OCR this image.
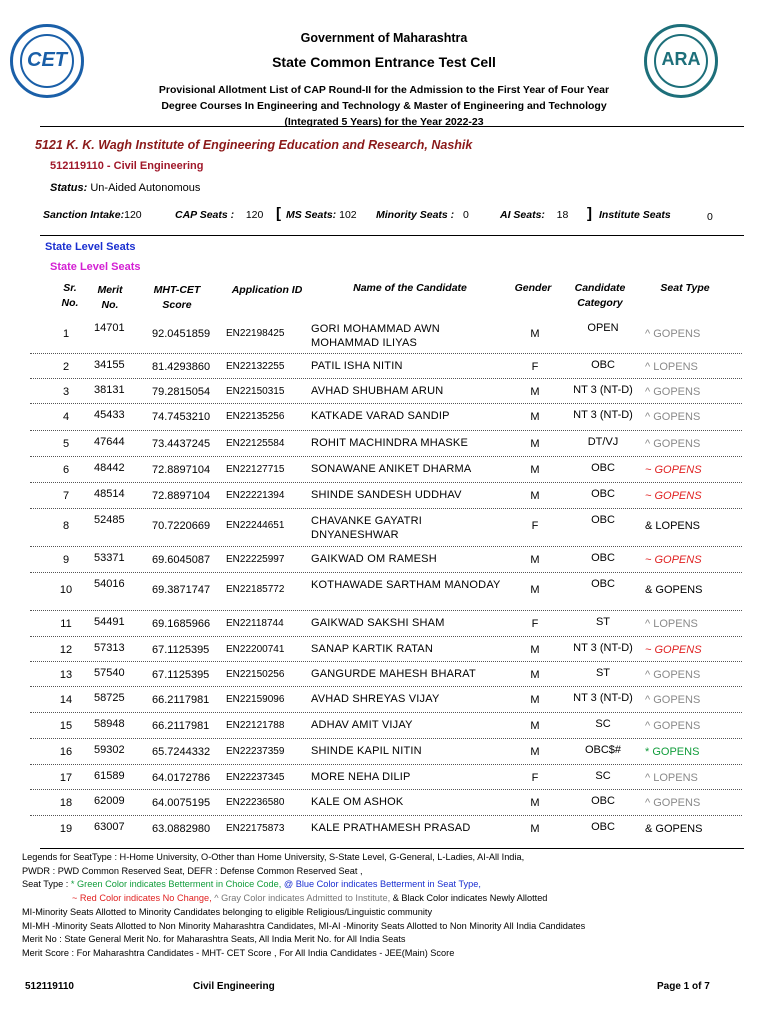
CET	ARA
Government of Maharashtra
State Common Entrance Test Cell
Provisional Allotment List of CAP Round-II for the Admission to the First Year of Four Year
Degree Courses In Engineering and Technology & Master of Engineering and Technology
(Integrated 5 Years) for the Year 2022-23
5121 K. K. Wagh Institute of Engineering Education and Research, Nashik
512119110 - Civil Engineering
Status: Un-Aided Autonomous
Sanction Intake:120	CAP Seats : 120 [ MS Seats: 102 Minority Seats : 0	AI Seats: 18 ] Institute Seats	0
State Level Seats
State Level Seats
Sr.
No.
Merit
No.
MHT-CET
Score
Application ID	Name of the Candidate	Gender	Candidate
Category
Seat Type
1	14701 92.0451859 EN22198425 GORI MOHAMMAD AWN MOHAMMAD ILIYAS
M	OPEN	^ GOPENS
2	34155 81.4293860 EN22132255 PATIL ISHA NITIN	F	OBC	^ LOPENS
3	38131 79.2815054 EN22150315 AVHAD SHUBHAM ARUN	M	NT 3 (NT-D)	^ GOPENS
4	45433 74.7453210 EN22135256 KATKADE VARAD SANDIP	M	NT 3 (NT-D)	^ GOPENS
5	47644 73.4437245 EN22125584 ROHIT MACHINDRA MHASKE	M	DT/VJ	^ GOPENS
6	48442 72.8897104 EN22127715 SONAWANE ANIKET DHARMA	M	OBC	~ GOPENS
7	48514 72.8897104 EN22221394 SHINDE SANDESH UDDHAV	M	OBC	~ GOPENS
8	52485 70.7220669 EN22244651 CHAVANKE GAYATRI DNYANESHWAR
F	OBC	& LOPENS
9	53371 69.6045087 EN22225997 GAIKWAD OM RAMESH	M	OBC	~ GOPENS
10	54016 69.3871747 EN22185772 KOTHAWADE SARTHAM MANODAY	M	OBC	& GOPENS
11	54491 69.1685966 EN22118744 GAIKWAD SAKSHI SHAM	F	ST	^ LOPENS
12	57313 67.1125395 EN22200741 SANAP KARTIK RATAN	M	NT 3 (NT-D)	~ GOPENS
13	57540 67.1125395 EN22150256 GANGURDE MAHESH BHARAT	M	ST	^ GOPENS
14	58725 66.2117981 EN22159096 AVHAD SHREYAS VIJAY	M	NT 3 (NT-D)	^ GOPENS
15	58948 66.2117981 EN22121788 ADHAV AMIT VIJAY	M	SC	^ GOPENS
16	59302 65.7244332 EN22237359 SHINDE KAPIL NITIN	M	OBC$#	* GOPENS
17	61589 64.0172786 EN22237345 MORE NEHA DILIP	F	SC	^ LOPENS
18	62009 64.0075195 EN22236580 KALE OM ASHOK	M	OBC	^ GOPENS
19	63007 63.0882980 EN22175873 KALE PRATHAMESH PRASAD	M	OBC	& GOPENS
Legends for SeatType : H-Home University, O-Other than Home University, S-State Level, G-General, L-Ladies, AI-All India,
PWDR : PWD Common Reserved Seat, DEFR : Defense Common Reserved Seat ,
Seat Type : * Green Color indicates Betterment in Choice Code, @ Blue Color indicates Betterment in Seat Type,
~ Red Color indicates No Change, ^ Gray Color indicates Admitted to Institute, & Black Color indicates Newly Allotted
MI-Minority Seats Allotted to Minority Candidates belonging to eligible Religious/Linguistic community
MI-MH -Minority Seats Allotted to Non Minority Maharashtra Candidates, MI-AI -Minority Seats Allotted to Non Minority All India Candidates
Merit No : State General Merit No. for Maharashtra Seats, All India Merit No. for All India Seats
Merit Score : For Maharashtra Candidates - MHT- CET Score , For All India Candidates - JEE(Main) Score
512119110	Civil Engineering	Page 1 of 7
